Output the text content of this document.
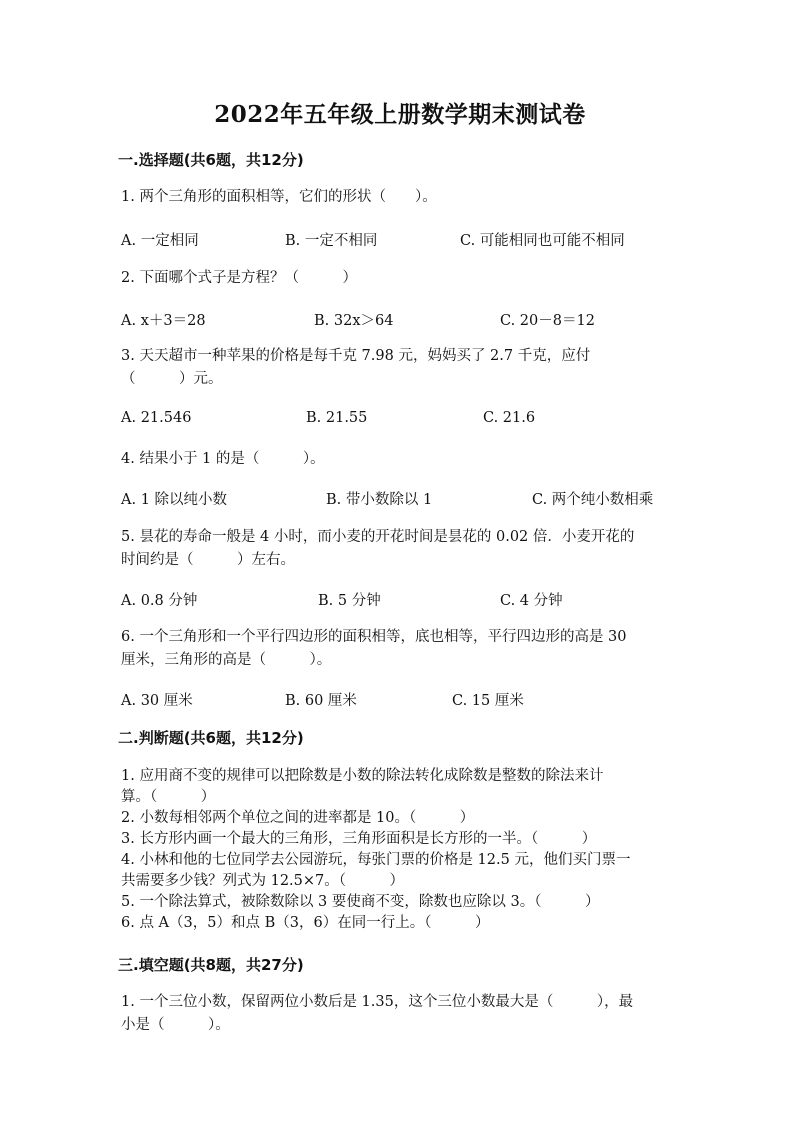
2022年五年级上册数学期末测试卷
一.选择题(共6题，共12分)
1. 两个三角形的面积相等，它们的形状（　　）。
A. 一定相同	B. 一定不相同	C. 可能相同也可能不相同
2. 下面哪个式子是方程？（　　　）
A. x＋3＝28	B. 32x＞64	C. 20－8＝12
3. 天天超市一种苹果的价格是每千克 7.98 元，妈妈买了 2.7 千克，应付
（　　　）元。
A. 21.546	B. 21.55	C. 21.6
4. 结果小于 1 的是（　　　）。
A. 1 除以纯小数	B. 带小数除以 1	C. 两个纯小数相乘
5. 昙花的寿命一般是 4 小时，而小麦的开花时间是昙花的 0.02 倍．小麦开花的
时间约是（　　　）左右。
A. 0.8 分钟	B. 5 分钟	C. 4 分钟
6. 一个三角形和一个平行四边形的面积相等，底也相等，平行四边形的高是 30
厘米，三角形的高是（　　　）。
A. 30 厘米	B. 60 厘米	C. 15 厘米
二.判断题(共6题，共12分)
1. 应用商不变的规律可以把除数是小数的除法转化成除数是整数的除法来计
算。（　　　）
2. 小数每相邻两个单位之间的进率都是 10。（　　　）
3. 长方形内画一个最大的三角形，三角形面积是长方形的一半。（　　　）
4. 小林和他的七位同学去公园游玩，每张门票的价格是 12.5 元，他们买门票一
共需要多少钱？列式为 12.5×7。（　　　）
5. 一个除法算式，被除数除以 3 要使商不变，除数也应除以 3。（　　　）
6. 点 A（3，5）和点 B（3，6）在同一行上。（　　　）
三.填空题(共8题，共27分)
1. 一个三位小数，保留两位小数后是 1.35，这个三位小数最大是（　　　），最
小是（　　　）。
